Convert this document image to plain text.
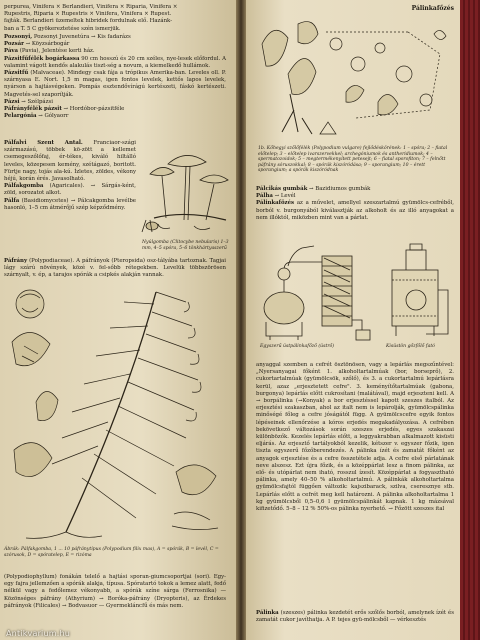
perpurea, Vinifera × Berlandieri, Vinifera × Riparia, Vinifera ×

Rupestris, Riparia × Rupestris × Vinifera, Vinifera × Rupest.

fajták. Berlandieri üzemeltek hibridek fordulnak elő. Hazánk-

ban a T. 5 C gyökereztetése szén ismerjük.

Pozsonyi, Pozsonyi Juvenetúra → Kis fadarázs

Pozsár → Köyzsárbogár

Páva (Pavia), Jelentése kerti ház.

Pázsitfűfélék bogárkassa 90 cm hosszú és 20 cm széles, nye-lesek előfordul. A valamint vágott kendős alakulás tiszt-ség a novum, a kiemelkedő hullámok.

Pázsitfű (Malvaceae). Mindegy csak fája a trópikus Amerika-ban. Leveles oll. P. szárnyasa E. Nort. 1,5 m magas, igen fontos levelek, kettős lapos levelek, nyárson a hajtásvégeken. Pompás esztendővírágú kertészeti, fáskó kertészeti. Magvetés-sel szaporítják.

Pázsi → Szélpázsi

Páfrányfélék pázsit → Hordóbor-pázsitféle

Pelargónia → Gólyaorr

Pálfalvi Szent Antal. Franciaor-szági származású, többek kö-zött a kellemet csemegeszőlőfaj, ér-tékes, kiváló hiltálló leveles, közepesen kemény, szétágazó, boritott. Fürtje nagy, tojás ala-kú. Ízletes, zöldes, vékony héjú, korán érés. Javasolható.

Pálfakgomba (Agaricales). → Sárgás-ként, zöld, sorozatot alkot.

Pálfa (Basidiomycetes) → Pálcakgomba levélbe hasonló, 1–5 cm átmérőjű szép képződmény.

Nyúlgomba (Clitocybe nebularis) 1–3 mm, 4–5 spóra, 5–6 tönkhártyaszerű

Páfrány (Polypodiaceae). A páfrányok (Pteropsida) osz-tályába tartoznak. Tagjai lágy szárú növények, közé v. fel-sőbb rétegekben. Levelük többszörösen szárnyalt, v. ép, a tarajos spórák a csipkés alakján vannak.

Ábrák: Pálfakgomba, 1 ... 10 páfránytípus (Polypodium filix mas), A = spórák, B = levél, C = szórusok, D = spóratelep, E = rizóma
(Polypodiophyllum) fonákán telelő a hajtási sporan-giumcsoportjai (sori). Egy-egy fajra jellemzően a spórák alakja, típusa. Spóratartó tokok a lemez alatt, fedő nélkül vagy a fedőlemez vékonyabb, a spórák színe sárga (Ferrosnika) — Közönséges páfrány (Athyrium) → Boróka-páfrány (Dryopteris), az Érdekes páfrányok (Filicales) → Bodvasuor — Gyermekláncfű és más nem.
Pálinkafőzés
1b. Kőhegyi szőlőfélék (Polypodium vulgare) fejlődéskörének: 1 – spóra; 2 – fiatal előtelep; 3 – előtelep ivarszervekkel; archegóniumok és antheridiumok; 4 – spermatozoidok; 5 – megtermékenyített petesejt; 6 – fiatal sporofiton; 7 – felnőtt páfrány sóruszokkal; 8 – spórák kiszóródása; 9 – sporangium; 10 – érett sporangium; a spórák kiszóródnak

Pálcikás gumbák → Bazidiumos gumbák

Pálha → Levél

Pálinkafőzés az a művelet, amellyel szeszartalmú gyümölcs-cefréből, borból v. burgonyából kiválasztják az alkoholt és az illó anyagokat a nem illóktól, miközben mint van a párlat.

Egyszerű üstpálinkafőző (üstrő)	Kisüstön gőzfőlő fató
anyaggal szemben a cefrét ösztönösen, vagy a lepárlás megszűntével: „Nyersanyagai főként 1. alkoholtartalmúak (bor, borseprő), 2. cukortartalmúak (gyümölcsök, szőlő), és 3. a cukortartalmú lepárlásra kerül, azaz „erjesztetett cefre". 3. keményítőtartalmúak (gabona, burgonya) lepárlás előtt cukrosítani (malátával), majd erjeszteni kell. A → borpálinka (→Konyak) a bor erjesztéssel kapott szeszes italból. Az erjesztési szakaszban, ahol az italt nem is lepárolják, gyümölcspálinka minőségé főleg a cefre jóságától függ. A gyümölcscefre egyik fontos lépéseinek ellenőrzése a kóros erjedés megakadályozása. A cefrében bekövetkező változások során szeszes erjedés, egyes szakaszai különbözők. Kezelés lepárlás előtt, a leggyakrabban alkalmazott kisüsti eljárás. Az erjesztő tartályokból kezelik, kétszer v. egyszer főzik, igen tiszta egyszerű főzőberendezés. A pálinka ízét és zamatát főként az anyagok erjesztése és a cefre összetétele adja. A cefre első párlatának neve alszesz. Ezt újra főzik, és a középpárlat lesz a finom pálinka, az elő- és utópárlat nem iható, rosszul ízesít. Középpárlat a fogyasztható pálinka, amely 40–50 % alkoholtartalmú. A pálinkák alkoholtartalma gyümölcsfajtól függően változik: kajszibarack, szilva, cseresznye stb. Lepárlás előtt a cefrét meg kell határozni. A pálinka alkoholtartalma 1 kg gyümölcsből 0,5–0,6 l gyümölcspálinkát kapnak. 1 kg mázsával kifizetődő. 5–8 – 12 % 50%-os pálinka nyerhető. → Főzött szeszes ital

Pálinka (szeszes) pálinka kezdetét erős szőlős borból, amelynek ízét és zamatát cukor javíthatja. A P. tejes gyü-mölcsből — vérkesztés

Antikvarium.hu
